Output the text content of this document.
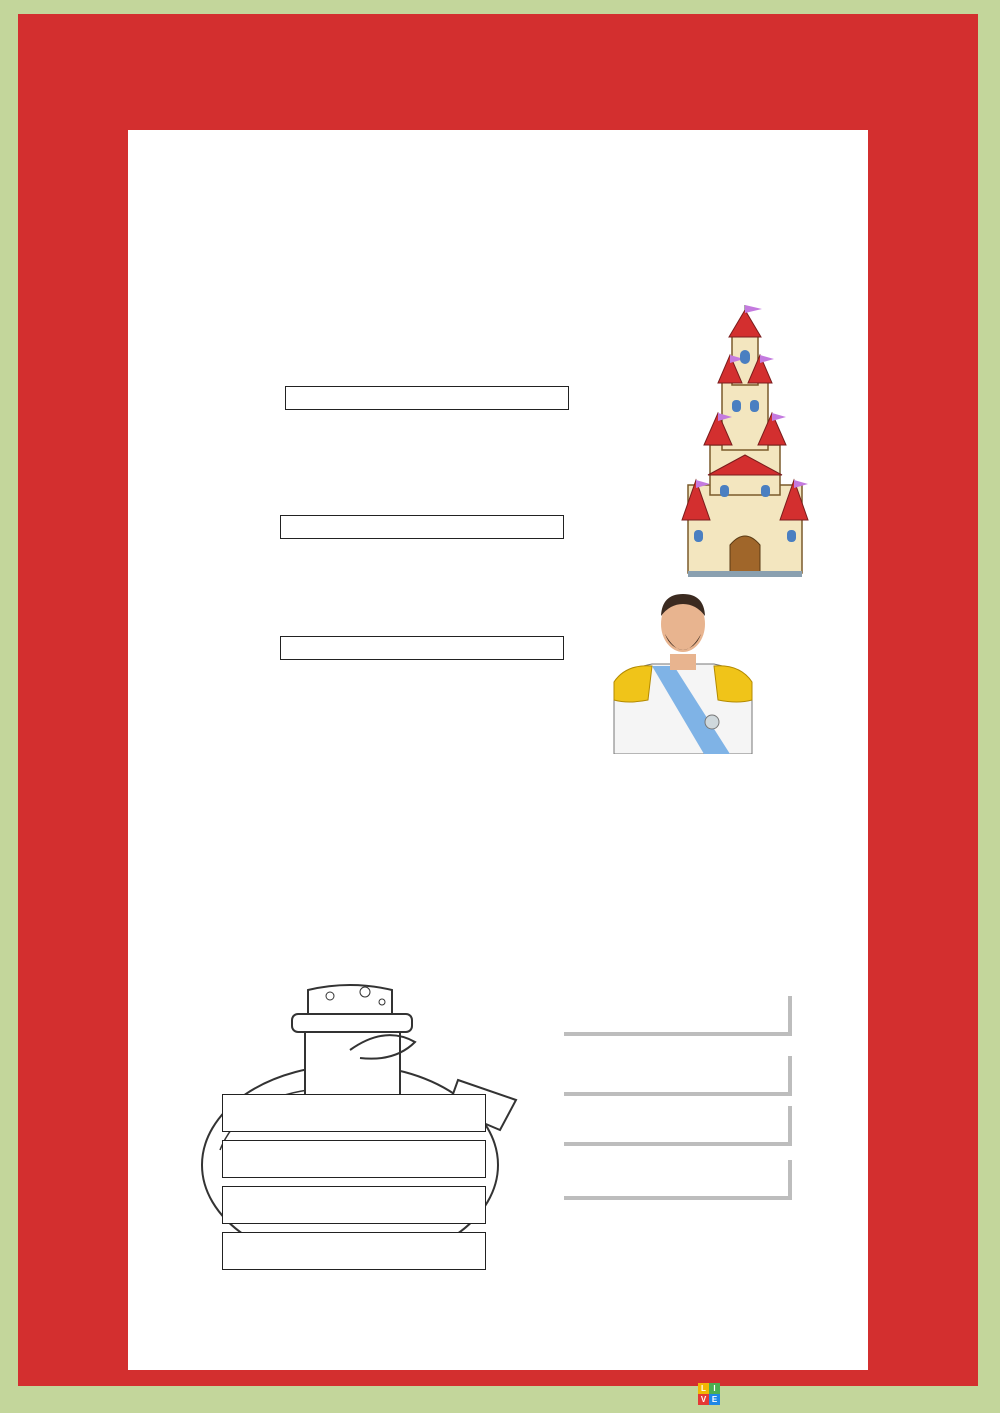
L I
V E
